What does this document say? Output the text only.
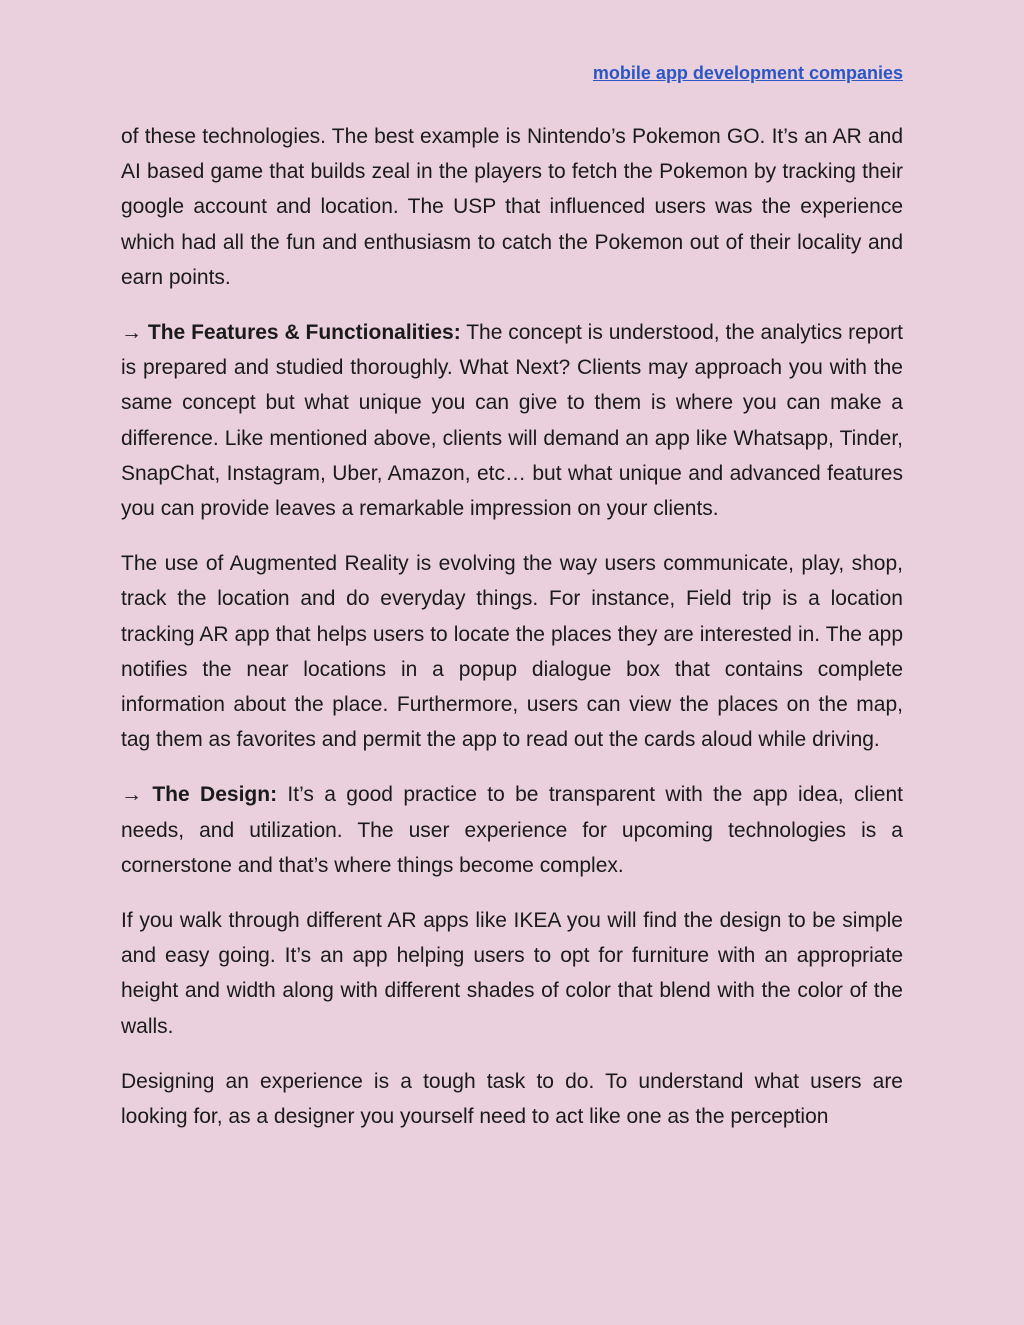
mobile app development companies

of these technologies. The best example is Nintendo’s Pokemon GO. It’s an AR and AI based game that builds zeal in the players to fetch the Pokemon by tracking their google account and location. The USP that influenced users was the experience which had all the fun and enthusiasm to catch the Pokemon out of their locality and earn points.

→ The Features & Functionalities: The concept is understood, the analytics report is prepared and studied thoroughly. What Next? Clients may approach you with the same concept but what unique you can give to them is where you can make a difference. Like mentioned above, clients will demand an app like Whatsapp, Tinder, SnapChat, Instagram, Uber, Amazon, etc… but what unique and advanced features you can provide leaves a remarkable impression on your clients.

The use of Augmented Reality is evolving the way users communicate, play, shop, track the location and do everyday things. For instance, Field trip is a location tracking AR app that helps users to locate the places they are interested in. The app notifies the near locations in a popup dialogue box that contains complete information about the place. Furthermore, users can view the places on the map, tag them as favorites and permit the app to read out the cards aloud while driving.

→ The Design: It’s a good practice to be transparent with the app idea, client needs, and utilization. The user experience for upcoming technologies is a cornerstone and that’s where things become complex.

If you walk through different AR apps like IKEA you will find the design to be simple and easy going. It’s an app helping users to opt for furniture with an appropriate height and width along with different shades of color that blend with the color of the walls.

Designing an experience is a tough task to do. To understand what users are looking for, as a designer you yourself need to act like one as the perception
